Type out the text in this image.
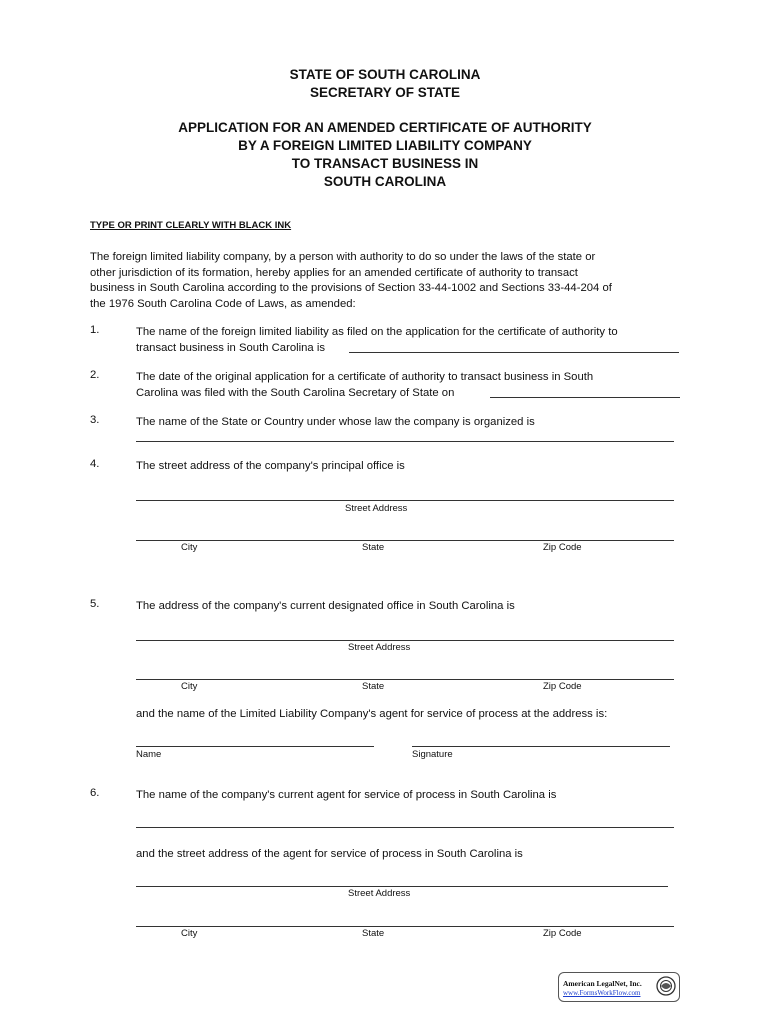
STATE OF SOUTH CAROLINA
SECRETARY OF STATE
APPLICATION FOR AN AMENDED CERTIFICATE OF AUTHORITY
BY A FOREIGN LIMITED LIABILITY COMPANY
TO TRANSACT BUSINESS IN
SOUTH CAROLINA
TYPE OR PRINT CLEARLY WITH BLACK INK
The foreign limited liability company, by a person with authority to do so under the laws of the state or
other jurisdiction of its formation, hereby applies for an amended certificate of authority to transact
business in South Carolina according to the provisions of Section 33-44-1002 and Sections 33-44-204 of
the 1976 South Carolina Code of Laws, as amended:
1.	The name of the foreign limited liability as filed on the application for the certificate of authority to
transact business in South Carolina is
2.	The date of the original application for a certificate of authority to transact business in South
Carolina was filed with the South Carolina Secretary of State on
3.	The name of the State or Country under whose law the company is organized is
4.	The street address of the company's principal office is
Street Address
City	State	Zip Code
5.	The address of the company's current designated office in South Carolina is
Street Address
City	State	Zip Code
and the name of the Limited Liability Company's agent for service of process at the address is:
Name	Signature
6.	The name of the company's current agent for service of process in South Carolina is
and the street address of the agent for service of process in South Carolina is
Street Address
City	State	Zip Code
American LegalNet, Inc.
www.FormsWorkFlow.com
